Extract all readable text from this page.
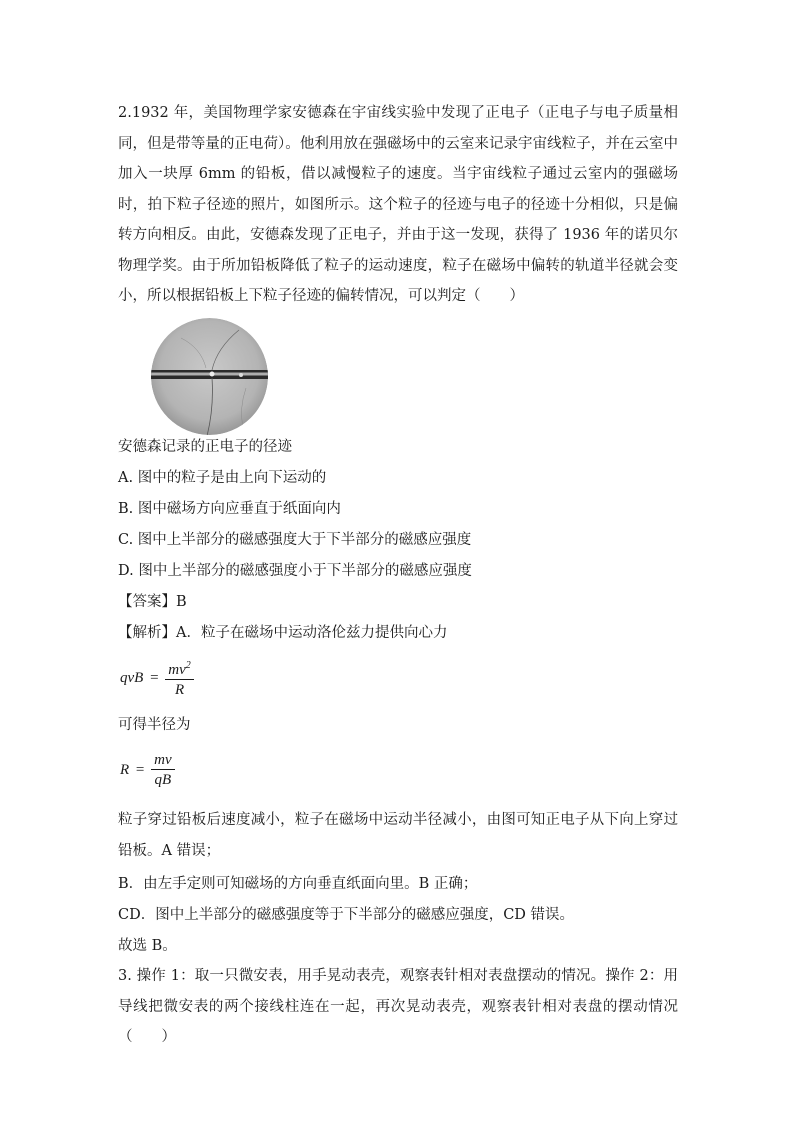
2.1932 年，美国物理学家安德森在宇宙线实验中发现了正电子（正电子与电子质量相同，但是带等量的正电荷）。他利用放在强磁场中的云室来记录宇宙线粒子，并在云室中加入一块厚 6mm 的铅板，借以减慢粒子的速度。当宇宙线粒子通过云室内的强磁场时，拍下粒子径迹的照片，如图所示。这个粒子的径迹与电子的径迹十分相似，只是偏转方向相反。由此，安德森发现了正电子，并由于这一发现，获得了 1936 年的诺贝尔物理学奖。由于所加铅板降低了粒子的运动速度，粒子在磁场中偏转的轨道半径就会变小，所以根据铅板上下粒子径迹的偏转情况，可以判定（　　）
安德森记录的正电子的径迹
A. 图中的粒子是由上向下运动的
B. 图中磁场方向应垂直于纸面向内
C. 图中上半部分的磁感强度大于下半部分的磁感应强度
D. 图中上半部分的磁感强度小于下半部分的磁感应强度
【答案】B
【解析】A．粒子在磁场中运动洛伦兹力提供向心力
qvB = $\frac{mv^2}{R}$
可得半径为
$R = \frac{mv}{qB}$
粒子穿过铅板后速度减小，粒子在磁场中运动半径减小，由图可知正电子从下向上穿过铅板。A 错误；
B．由左手定则可知磁场的方向垂直纸面向里。B 正确；
CD．图中上半部分的磁感强度等于下半部分的磁感应强度，CD 错误。
故选 B。
3. 操作 1：取一只微安表，用手晃动表壳，观察表针相对表盘摆动的情况。操作 2：用导线把微安表的两个接线柱连在一起，再次晃动表壳，观察表针相对表盘的摆动情况（　　）
